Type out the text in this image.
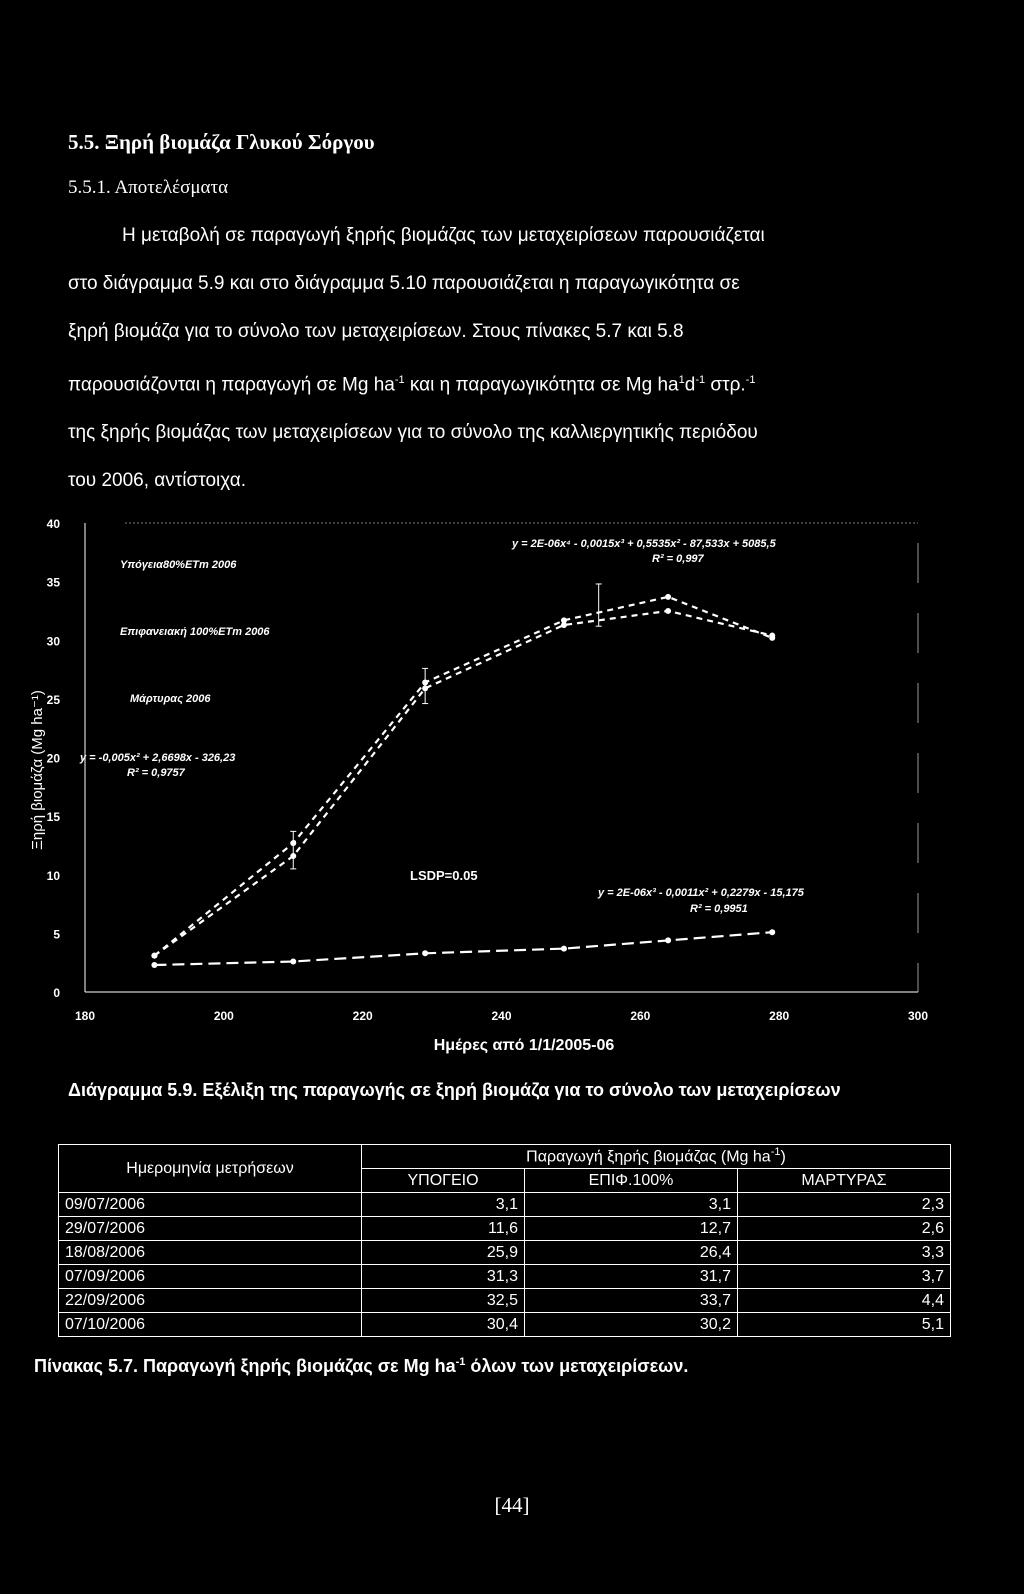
5.5. Ξηρή βιομάζα Γλυκού Σόργου
5.5.1. Αποτελέσματα

Η μεταβολή σε παραγωγή ξηρής βιομάζας των μεταχειρίσεων παρουσιάζεται

στο διάγραμμα 5.9 και στο διάγραμμα 5.10 παρουσιάζεται η παραγωγικότητα σε

ξηρή βιομάζα για το σύνολο των μεταχειρίσεων. Στους πίνακες 5.7 και 5.8

παρουσιάζονται η παραγωγή σε Mg $ha^{-1}$ και η παραγωγικότητα σε Mg $ha^1d^{-1}$ στρ.$^{-1}$

της ξηρής βιομάζας των μεταχειρίσεων για το σύνολο της καλλιεργητικής περιόδου

του 2006, αντίστοιχα.

0
5
10
15
20
25
30
35
40
180	200	220	240	260	280	300
Υπόγεια80%ΕΤm 2006
Επιφανειακή 100%ΕΤm 2006
Μάρτυρας 2006
y = 2E-06x⁴ - 0,0015x³ + 0,5535x² - 87,533x + 5085,5
R² = 0,997
y = -0,005x² + 2,6698x - 326,23
R² = 0,9757
y = 2E-06x³ - 0,0011x² + 0,2279x - 15,175
R² = 0,9951
LSDP=0.05
Ημέρες από 1/1/2005-06
Ξηρή βιομάζα (Mg ha⁻¹)
Διάγραμμα 5.9. Εξέλιξη της παραγωγής σε ξηρή βιομάζα για το σύνολο των μεταχειρίσεων
Ημερομηνία μετρήσεων	Παραγωγή ξηρής βιομάζας (Mg $ha^{-1}$)		
	ΥΠΟΓΕΙΟ	ΕΠΙΦ.100%	ΜΑΡΤΥΡΑΣ
09/07/2006	3,1	3,1	2,3
29/07/2006	11,6	12,7	2,6
18/08/2006	25,9	26,4	3,3
07/09/2006	31,3	31,7	3,7
22/09/2006	32,5	33,7	4,4
07/10/2006	30,4	30,2	5,1
Πίνακας 5.7. Παραγωγή ξηρής βιομάζας σε Mg $ha^{-1}$ όλων των μεταχειρίσεων.
[44]
